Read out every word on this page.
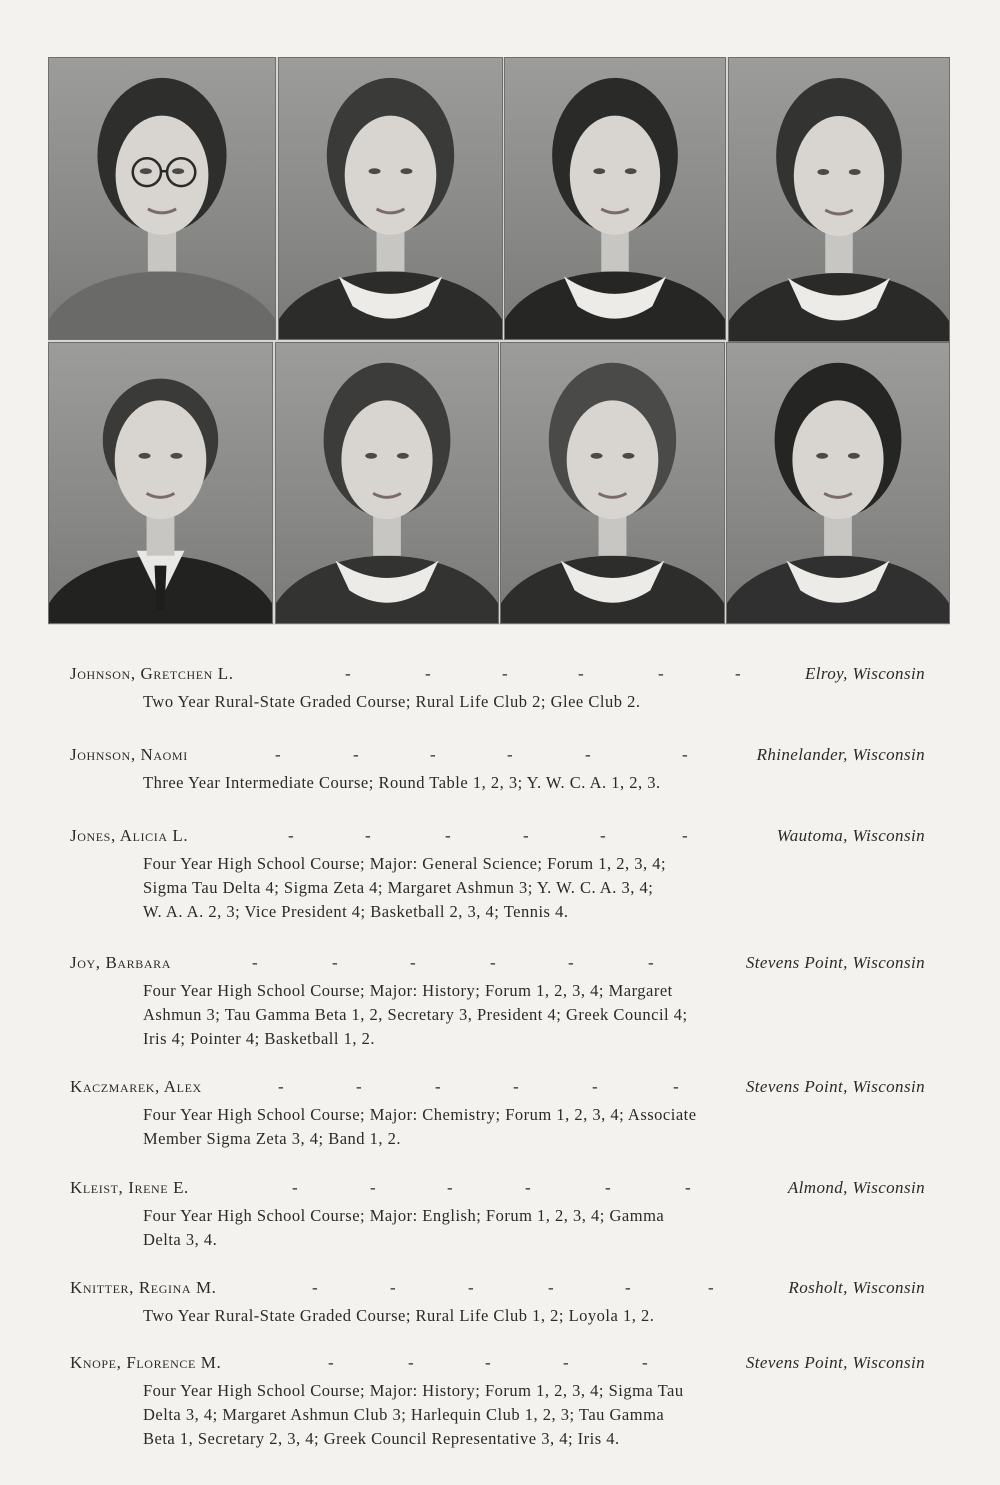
Johnson, Gretchen L.	-	-	-	-	-	-	Elroy, Wisconsin
Two Year Rural-State Graded Course; Rural Life Club 2; Glee Club 2.
Johnson, Naomi	-	-	-	-	-	-	Rhinelander, Wisconsin
Three Year Intermediate Course; Round Table 1, 2, 3; Y. W. C. A. 1, 2, 3.
Jones, Alicia L.	-	-	-	-	-	-	Wautoma, Wisconsin
Four Year High School Course; Major: General Science; Forum 1, 2, 3, 4;
Sigma Tau Delta 4; Sigma Zeta 4; Margaret Ashmun 3; Y. W. C. A. 3, 4;
W. A. A. 2, 3; Vice President 4; Basketball 2, 3, 4; Tennis 4.
Joy, Barbara	-	-	-	-	-	-	Stevens Point, Wisconsin
Four Year High School Course; Major: History; Forum 1, 2, 3, 4; Margaret
Ashmun 3; Tau Gamma Beta 1, 2, Secretary 3, President 4; Greek Council 4;
Iris 4; Pointer 4; Basketball 1, 2.
Kaczmarek, Alex	-	-	-	-	-	-	Stevens Point, Wisconsin
Four Year High School Course; Major: Chemistry; Forum 1, 2, 3, 4; Associate
Member Sigma Zeta 3, 4; Band 1, 2.
Kleist, Irene E.	-	-	-	-	-	-	Almond, Wisconsin
Four Year High School Course; Major: English; Forum 1, 2, 3, 4; Gamma
Delta 3, 4.
Knitter, Regina M.	-	-	-	-	-	-	Rosholt, Wisconsin
Two Year Rural-State Graded Course; Rural Life Club 1, 2; Loyola 1, 2.
Knope, Florence M.	-	-	-	-	-	Stevens Point, Wisconsin
Four Year High School Course; Major: History; Forum 1, 2, 3, 4; Sigma Tau
Delta 3, 4; Margaret Ashmun Club 3; Harlequin Club 1, 2, 3; Tau Gamma
Beta 1, Secretary 2, 3, 4; Greek Council Representative 3, 4; Iris 4.
